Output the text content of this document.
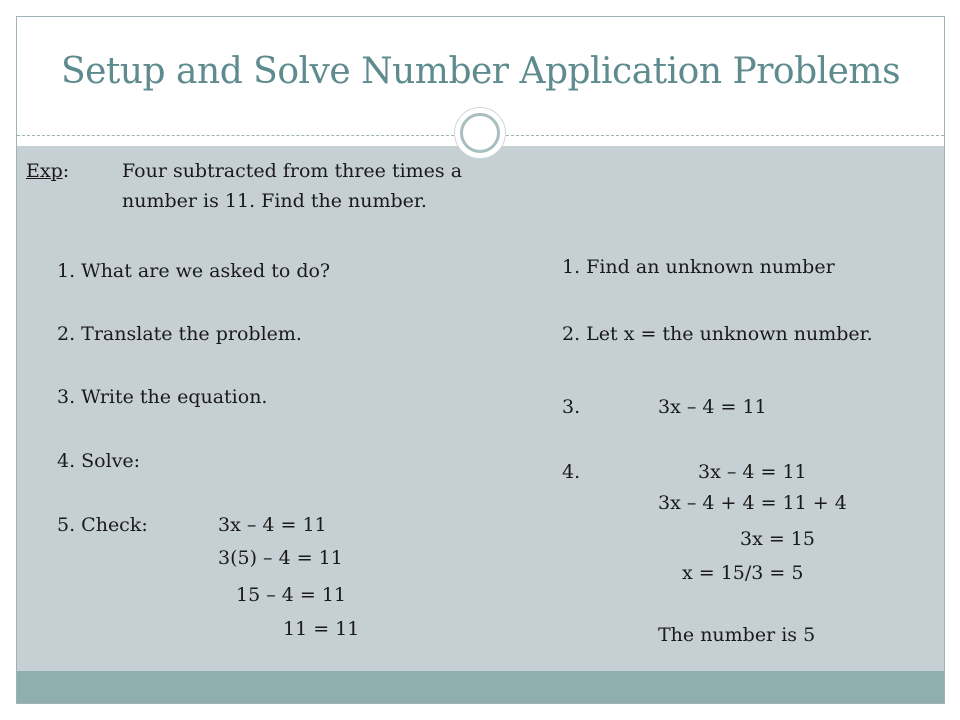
Setup and Solve Number Application Problems
Exp:	Four subtracted from three times a
number is 11. Find the number.
1. What are we asked to do?
2. Translate the problem.
3. Write the equation.
4. Solve:
5. Check:	3x – 4 = 11
3(5) – 4 = 11
15 – 4 = 11
11 = 11
1. Find an unknown number
2. Let x = the unknown number.
3.	3x – 4 = 11
4.	3x – 4 = 11
3x – 4 + 4 = 11 + 4
3x = 15
x = 15/3 = 5
The number is 5
